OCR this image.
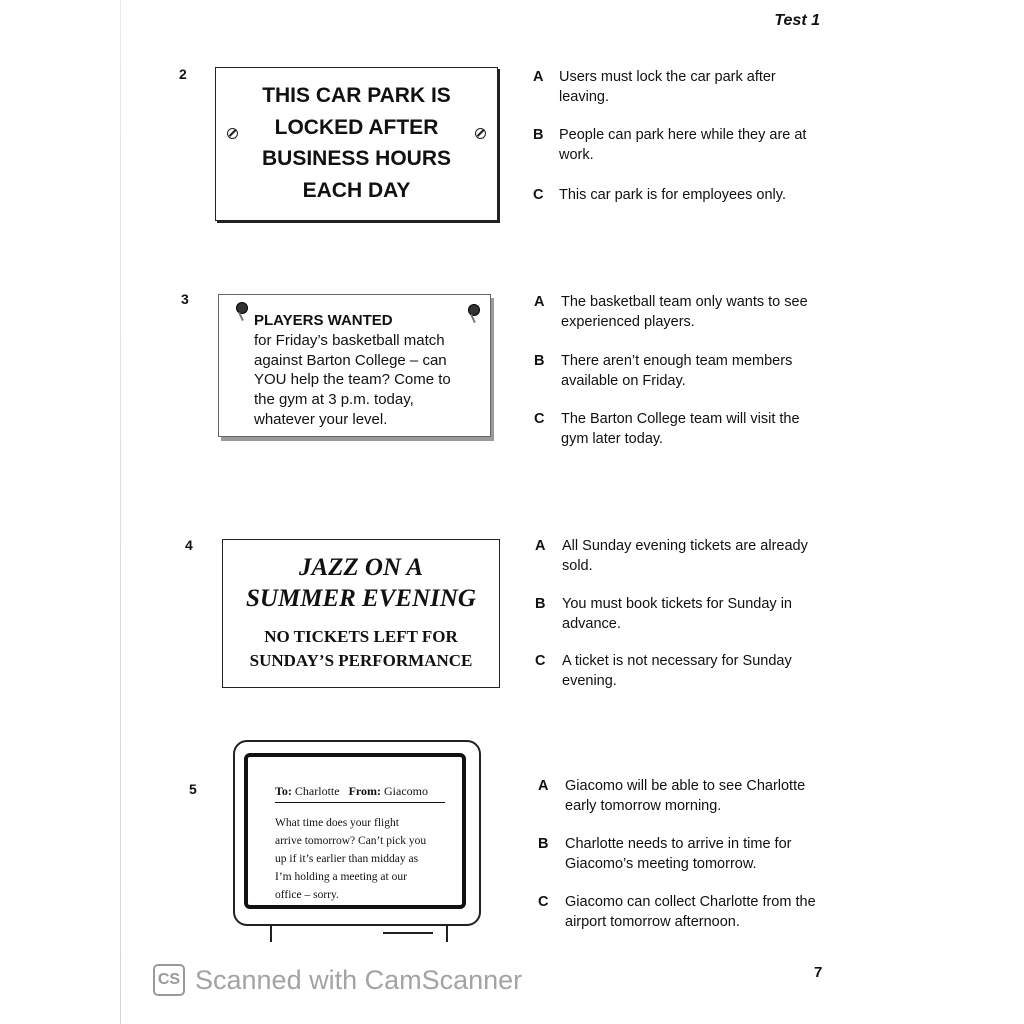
Test 1
2
THIS CAR PARK IS
LOCKED AFTER
BUSINESS HOURS
EACH DAY
A Users must lock the car park after
leaving.
B People can park here while they are at
work.
C This car park is for employees only.
3
PLAYERS WANTED
for Friday’s basketball match
against Barton College – can
YOU help the team? Come to
the gym at 3 p.m. today,
whatever your level.
A The basketball team only wants to see
experienced players.
B There aren’t enough team members
available on Friday.
C The Barton College team will visit the
gym later today.
4
JAZZ ON A
SUMMER EVENING
NO TICKETS LEFT FOR
SUNDAY’S PERFORMANCE
A All Sunday evening tickets are already
sold.
B You must book tickets for Sunday in
advance.
C A ticket is not necessary for Sunday
evening.
5	To: Charlotte From: Giacomo
What time does your flight
arrive tomorrow? Can’t pick you
up if it’s earlier than midday as
I’m holding a meeting at our
office – sorry.
A Giacomo will be able to see Charlotte
early tomorrow morning.
B Charlotte needs to arrive in time for
Giacomo’s meeting tomorrow.
C Giacomo can collect Charlotte from the
airport tomorrow afternoon.
7
CS Scanned with CamScanner
